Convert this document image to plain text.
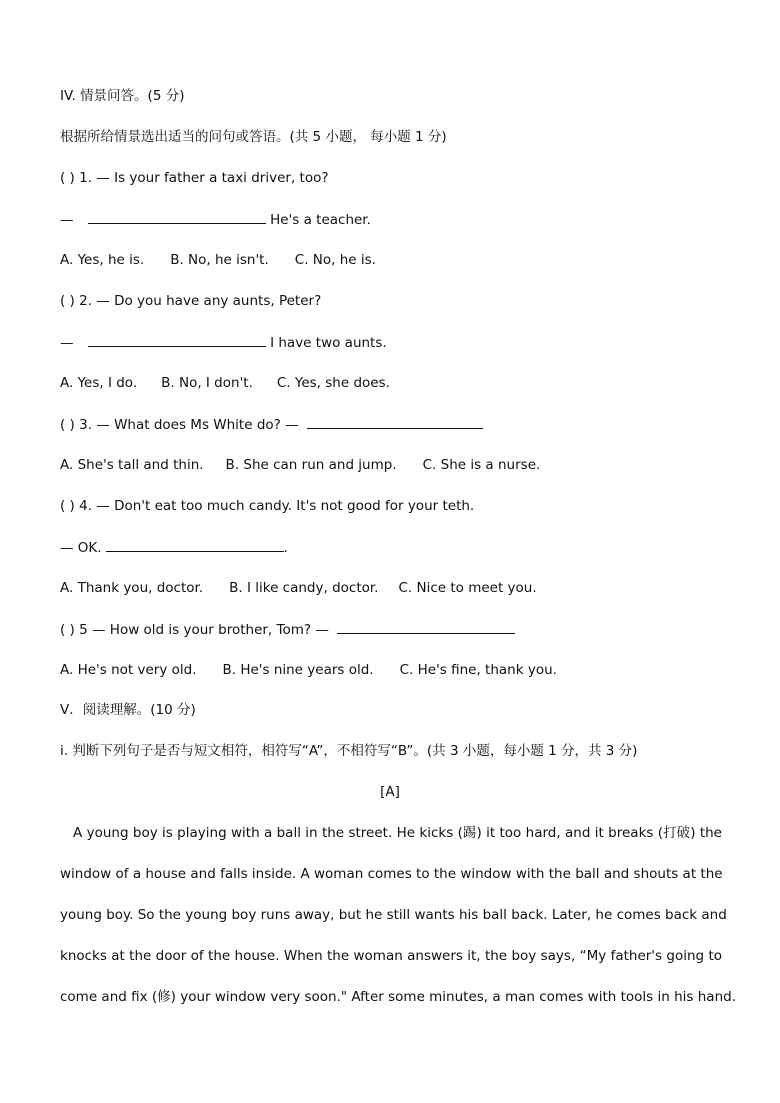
IV. 情景问答。(5 分)
根据所给情景选出适当的问句或答语。(共 5 小题， 每小题 1 分)
( ) 1. — Is your father a taxi driver, too?
—	He's a teacher.
A. Yes, he is. B. No, he isn't. C. No, he is.
( ) 2. — Do you have any aunts, Peter?
—	I have two aunts.
A. Yes, I do. B. No, I don't. C. Yes, she does.
( ) 3. — What does Ms White do? —
A. She's tall and thin. B. She can run and jump. C. She is a nurse.
( ) 4. — Don't eat too much candy. It's not good for your teth.
— OK.	.
A. Thank you, doctor. B. I like candy, doctor. C. Nice to meet you.
( ) 5 — How old is your brother, Tom? —
A. He's not very old. B. He's nine years old. C. He's fine, thank you.
V．阅读理解。(10 分)
i. 判断下列句子是否与短文相符，相符写“A”，不相符写“B”。(共 3 小题，每小题 1 分，共 3 分)
[A]
A young boy is playing with a ball in the street. He kicks (踢) it too hard, and it breaks (打破) the
window of a house and falls inside. A woman comes to the window with the ball and shouts at the
young boy. So the young boy runs away, but he still wants his ball back. Later, he comes back and
knocks at the door of the house. When the woman answers it, the boy says, “My father's going to
come and fix (修) your window very soon." After some minutes, a man comes with tools in his hand.
